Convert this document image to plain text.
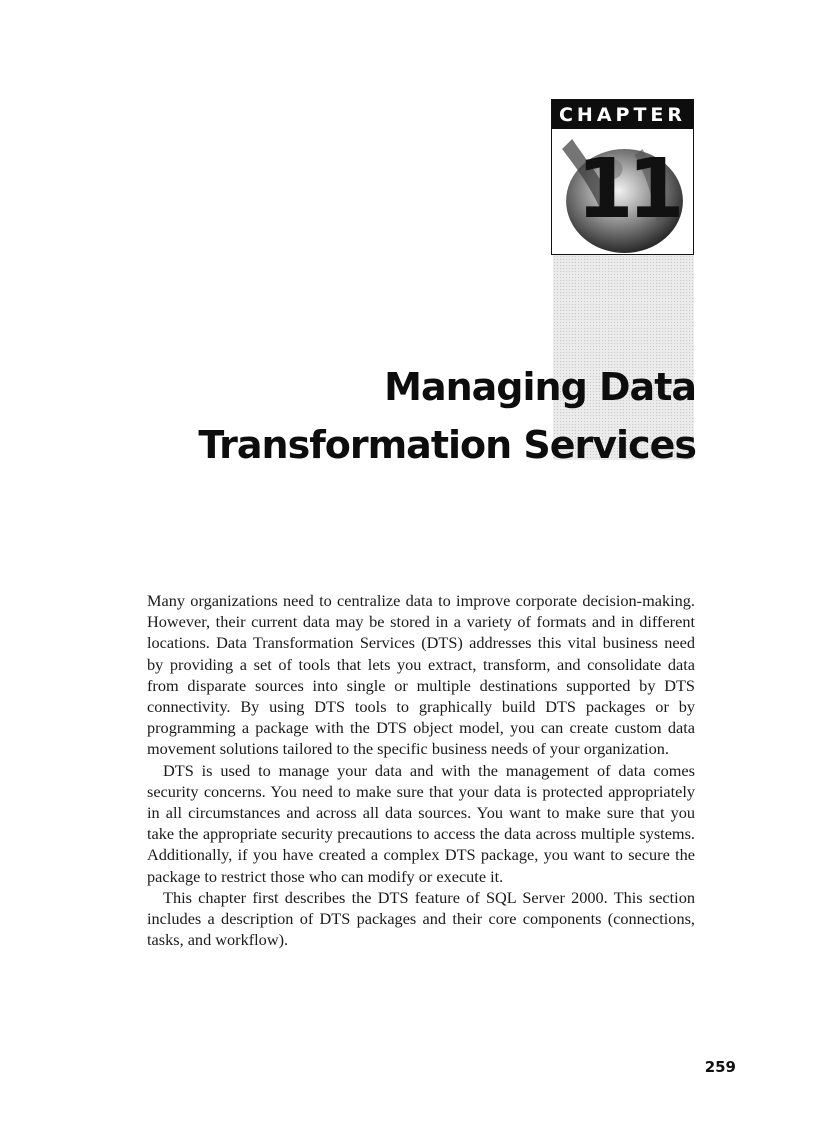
CHAPTER
11
Managing Data
Transformation Services

Many organizations need to centralize data to improve corporate decision-making. However, their current data may be stored in a variety of formats and in different locations. Data Transformation Services (DTS) addresses this vital business need by providing a set of tools that lets you extract, transform, and consolidate data from disparate sources into single or multiple destinations supported by DTS connectivity. By using DTS tools to graphically build DTS packages or by programming a package with the DTS object model, you can create custom data movement solutions tailored to the specific business needs of your organization.

DTS is used to manage your data and with the management of data comes security concerns. You need to make sure that your data is protected appropriately in all circumstances and across all data sources. You want to make sure that you take the appropriate security precautions to access the data across multiple systems. Additionally, if you have created a complex DTS package, you want to secure the package to restrict those who can modify or execute it.

This chapter first describes the DTS feature of SQL Server 2000. This section includes a description of DTS packages and their core components (connections, tasks, and workflow).

259
